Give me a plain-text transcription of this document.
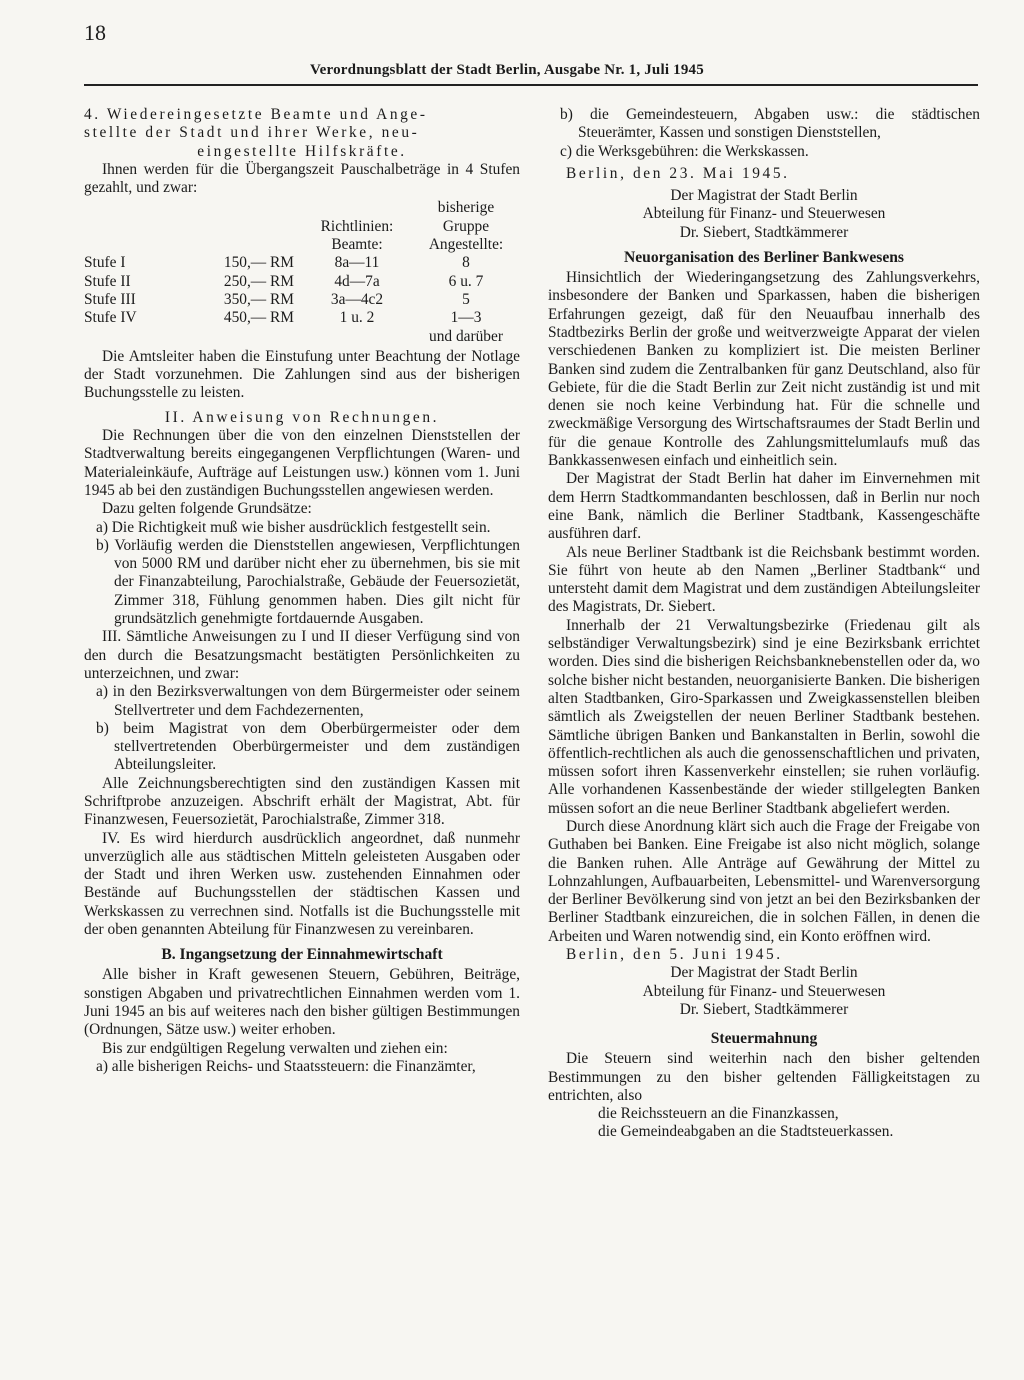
18
Verordnungsblatt der Stadt Berlin, Ausgabe Nr. 1, Juli 1945

4. Wiedereingesetzte Beamte und Ange-

stellte der Stadt und ihrer Werke, neu-

eingestellte Hilfskräfte.

Ihnen werden für die Übergangszeit Pauschalbeträge in 4 Stufen gezahlt, und zwar:

			bisherige
		Richtlinien:	Gruppe
		Beamte:	Angestellte:
Stufe I	150,— RM	8a—11	8
Stufe II	250,— RM	4d—7a	6 u. 7
Stufe III	350,— RM	3a—4c2	5
Stufe IV	450,— RM	1 u. 2	1—3
			und darüber

Die Amtsleiter haben die Einstufung unter Beachtung der Notlage der Stadt vorzunehmen. Die Zahlungen sind aus der bisherigen Buchungsstelle zu leisten.

II. Anweisung von Rechnungen.

Die Rechnungen über die von den einzelnen Dienststellen der Stadtverwaltung bereits eingegangenen Verpflichtungen (Waren- und Materialeinkäufe, Aufträge auf Leistungen usw.) können vom 1. Juni 1945 ab bei den zuständigen Buchungsstellen angewiesen werden.

Dazu gelten folgende Grundsätze:

a) Die Richtigkeit muß wie bisher ausdrücklich festgestellt sein.

b) Vorläufig werden die Dienststellen angewiesen, Verpflichtungen von 5000 RM und darüber nicht eher zu übernehmen, bis sie mit der Finanzabteilung, Parochialstraße, Gebäude der Feuersozietät, Zimmer 318, Fühlung genommen haben. Dies gilt nicht für grundsätzlich genehmigte fortdauernde Ausgaben.

III. Sämtliche Anweisungen zu I und II dieser Verfügung sind von den durch die Besatzungsmacht bestätigten Persönlichkeiten zu unterzeichnen, und zwar:

a) in den Bezirksverwaltungen von dem Bürgermeister oder seinem Stellvertreter und dem Fachdezernenten,

b) beim Magistrat von dem Oberbürgermeister oder dem stellvertretenden Oberbürgermeister und dem zuständigen Abteilungsleiter.

Alle Zeichnungsberechtigten sind den zuständigen Kassen mit Schriftprobe anzuzeigen. Abschrift erhält der Magistrat, Abt. für Finanzwesen, Feuersozietät, Parochialstraße, Zimmer 318.

IV. Es wird hierdurch ausdrücklich angeordnet, daß nunmehr unverzüglich alle aus städtischen Mitteln geleisteten Ausgaben oder der Stadt und ihren Werken usw. zustehenden Einnahmen oder Bestände auf Buchungsstellen der städtischen Kassen und Werkskassen zu verrechnen sind. Notfalls ist die Buchungsstelle mit der oben genannten Abteilung für Finanzwesen zu vereinbaren.

B. Ingangsetzung der Einnahmewirtschaft

Alle bisher in Kraft gewesenen Steuern, Gebühren, Beiträge, sonstigen Abgaben und privatrechtlichen Einnahmen werden vom 1. Juni 1945 an bis auf weiteres nach den bisher gültigen Bestimmungen (Ordnungen, Sätze usw.) weiter erhoben.

Bis zur endgültigen Regelung verwalten und ziehen ein:

a) alle bisherigen Reichs- und Staatssteuern: die Finanzämter,

b) die Gemeindesteuern, Abgaben usw.: die städtischen Steuerämter, Kassen und sonstigen Dienststellen,

c) die Werksgebühren: die Werkskassen.

Berlin, den 23. Mai 1945.

Der Magistrat der Stadt Berlin

Abteilung für Finanz- und Steuerwesen

Dr. Siebert, Stadtkämmerer

Neuorganisation des Berliner Bankwesens

Hinsichtlich der Wiederingangsetzung des Zahlungsverkehrs, insbesondere der Banken und Sparkassen, haben die bisherigen Erfahrungen gezeigt, daß für den Neuaufbau innerhalb des Stadtbezirks Berlin der große und weitverzweigte Apparat der vielen verschiedenen Banken zu kompliziert ist. Die meisten Berliner Banken sind zudem die Zentralbanken für ganz Deutschland, also für Gebiete, für die die Stadt Berlin zur Zeit nicht zuständig ist und mit denen sie noch keine Verbindung hat. Für die schnelle und zweckmäßige Versorgung des Wirtschaftsraumes der Stadt Berlin und für die genaue Kontrolle des Zahlungsmittelumlaufs muß das Bankkassenwesen einfach und einheitlich sein.

Der Magistrat der Stadt Berlin hat daher im Einvernehmen mit dem Herrn Stadtkommandanten beschlossen, daß in Berlin nur noch eine Bank, nämlich die Berliner Stadtbank, Kassengeschäfte ausführen darf.

Als neue Berliner Stadtbank ist die Reichsbank bestimmt worden. Sie führt von heute ab den Namen „Berliner Stadtbank“ und untersteht damit dem Magistrat und dem zuständigen Abteilungsleiter des Magistrats, Dr. Siebert.

Innerhalb der 21 Verwaltungsbezirke (Friedenau gilt als selbständiger Verwaltungsbezirk) sind je eine Bezirksbank errichtet worden. Dies sind die bisherigen Reichsbanknebenstellen oder da, wo solche bisher nicht bestanden, neuorganisierte Banken. Die bisherigen alten Stadtbanken, Giro-Sparkassen und Zweigkassenstellen bleiben sämtlich als Zweigstellen der neuen Berliner Stadtbank bestehen. Sämtliche übrigen Banken und Bankanstalten in Berlin, sowohl die öffentlich-rechtlichen als auch die genossenschaftlichen und privaten, müssen sofort ihren Kassenverkehr einstellen; sie ruhen vorläufig. Alle vorhandenen Kassenbestände der wieder stillgelegten Banken müssen sofort an die neue Berliner Stadtbank abgeliefert werden.

Durch diese Anordnung klärt sich auch die Frage der Freigabe von Guthaben bei Banken. Eine Freigabe ist also nicht möglich, solange die Banken ruhen. Alle Anträge auf Gewährung der Mittel zu Lohnzahlungen, Aufbauarbeiten, Lebensmittel- und Warenversorgung der Berliner Bevölkerung sind von jetzt an bei den Bezirksbanken der Berliner Stadtbank einzureichen, die in solchen Fällen, in denen die Arbeiten und Waren notwendig sind, ein Konto eröffnen wird.

Berlin, den 5. Juni 1945.

Der Magistrat der Stadt Berlin

Abteilung für Finanz- und Steuerwesen

Dr. Siebert, Stadtkämmerer

Steuermahnung

Die Steuern sind weiterhin nach den bisher geltenden Bestimmungen zu den bisher geltenden Fälligkeitstagen zu entrichten, also

die Reichssteuern an die Finanzkassen,

die Gemeindeabgaben an die Stadtsteuerkassen.
